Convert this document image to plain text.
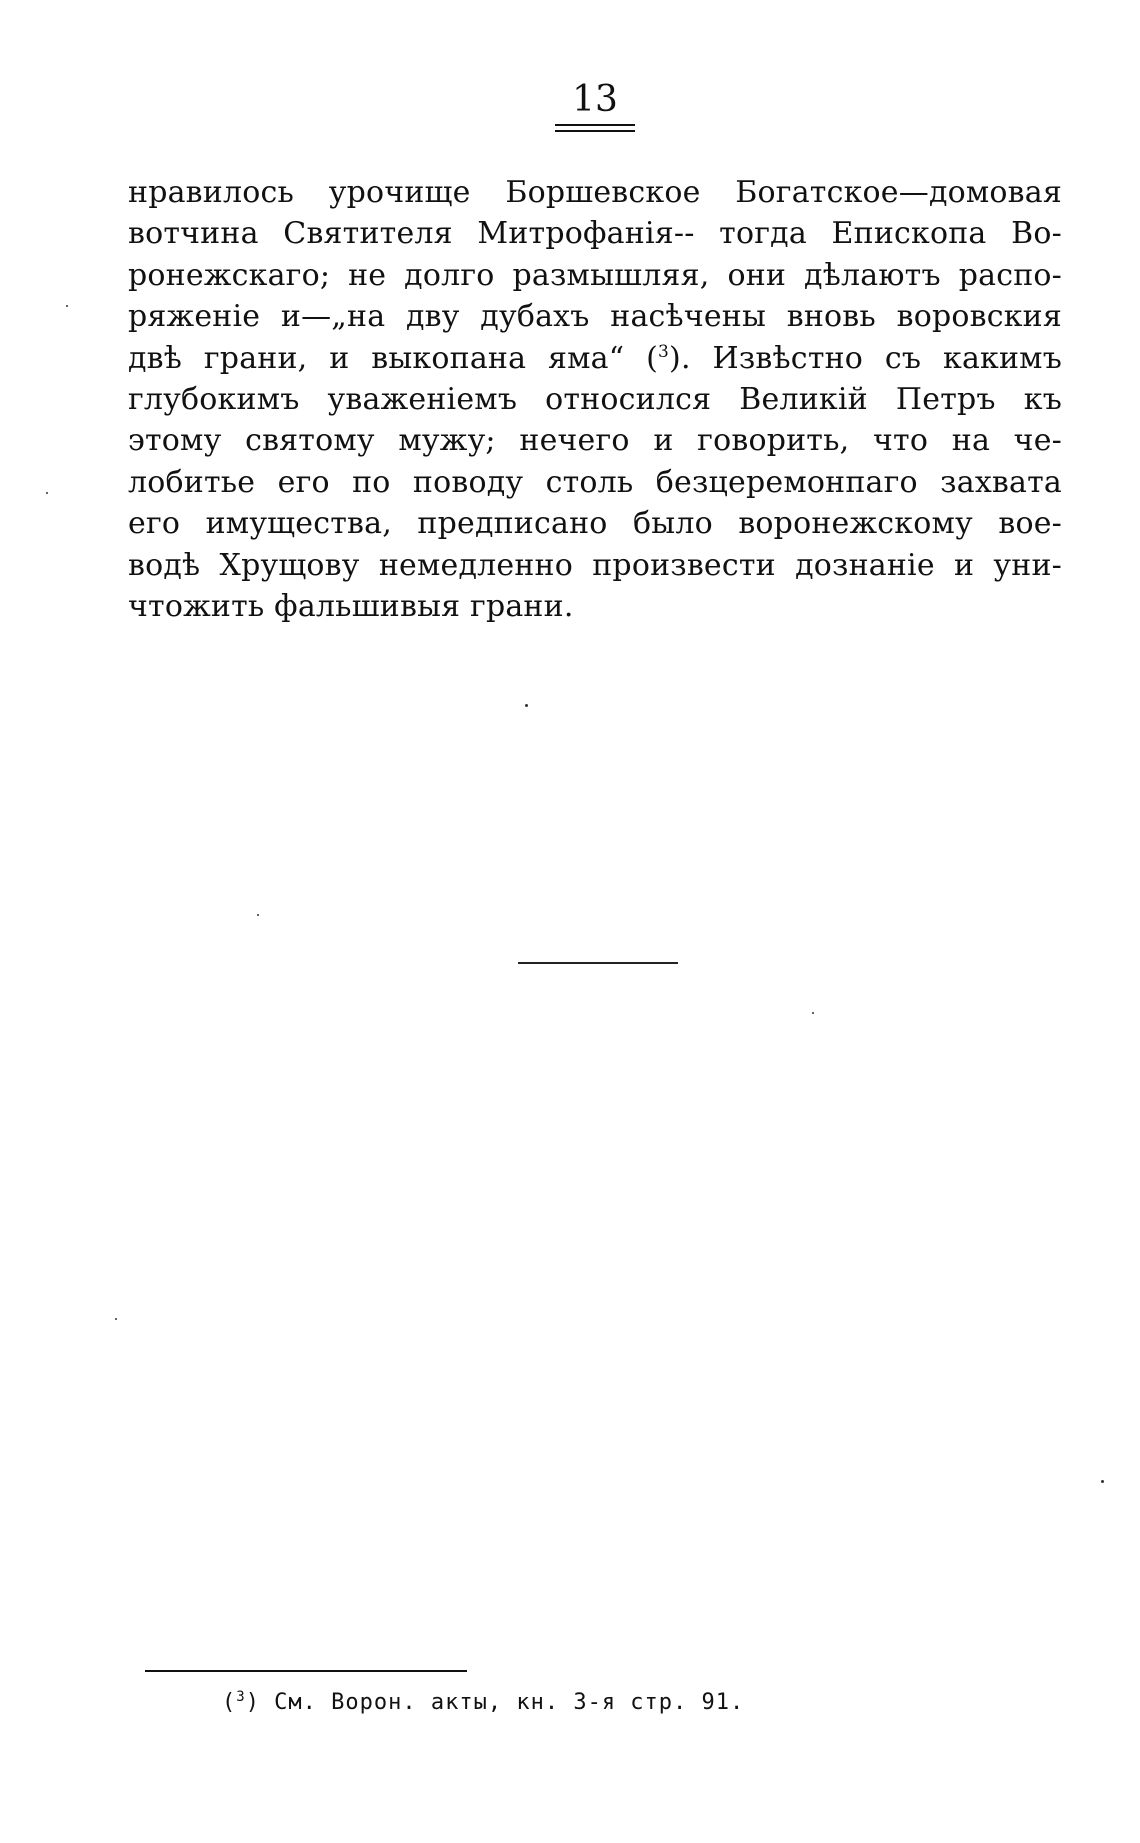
13
нравилось урочище Боршевское Богатское—домовая
вотчина Святителя Митрофанія-- тогда Епископа Во-
ронежскаго; не долго размышляя, они дѣлаютъ распо-
ряженіе и—„на дву дубахъ насѣчены вновь воровския
двѣ грани, и выкопана яма“ ($^3$). Извѣстно съ какимъ
глубокимъ уваженіемъ относился Великій Петръ къ
этому святому мужу; нечего и говорить, что на че-
лобитье его по поводу столь безцеремонпаго захвата
его имущества, предписано было воронежскому вое-
водѣ Хрущову немедленно произвести дознаніе и уни-
чтожить фальшивыя грани.
($^3$) См. Ворон. акты, кн. 3-я стр. 91.
